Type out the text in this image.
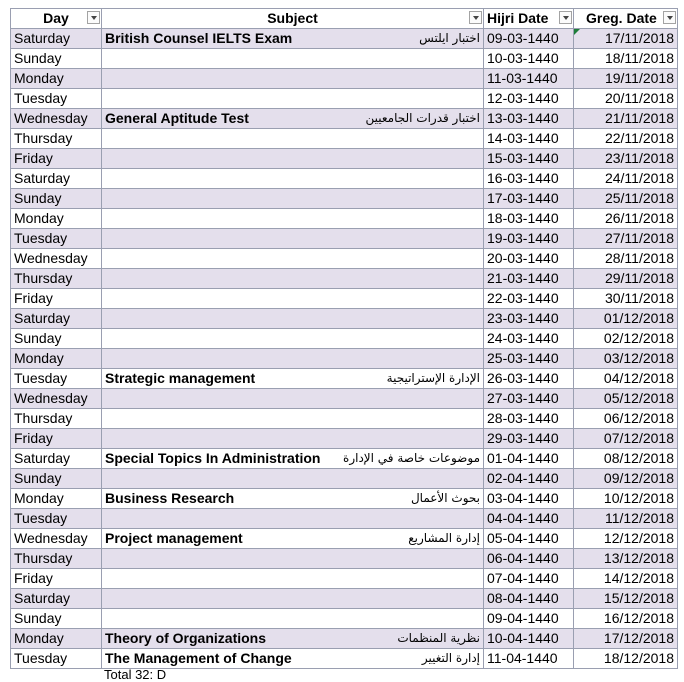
Day	Subject	Hijri Date	Greg. Date

Saturday	British Counsel IELTS Exam اختبار ايلتس	09-03-1440	17/11/2018

Sunday		10-03-1440	18/11/2018
Monday		11-03-1440	19/11/2018
Tuesday		12-03-1440	20/11/2018
Wednesday	General Aptitude Test اختبار قدرات الجامعيين	13-03-1440	21/11/2018
Thursday		14-03-1440	22/11/2018
Friday		15-03-1440	23/11/2018
Saturday		16-03-1440	24/11/2018
Sunday		17-03-1440	25/11/2018
Monday		18-03-1440	26/11/2018
Tuesday		19-03-1440	27/11/2018
Wednesday		20-03-1440	28/11/2018
Thursday		21-03-1440	29/11/2018
Friday		22-03-1440	30/11/2018
Saturday		23-03-1440	01/12/2018
Sunday		24-03-1440	02/12/2018
Monday		25-03-1440	03/12/2018
Tuesday	Strategic management الإدارة الإستراتيجية	26-03-1440	04/12/2018
Wednesday		27-03-1440	05/12/2018
Thursday		28-03-1440	06/12/2018
Friday		29-03-1440	07/12/2018
Saturday	Special Topics In Administration موضوعات خاصة في الإدارة	01-04-1440	08/12/2018
Sunday		02-04-1440	09/12/2018
Monday	Business Research بحوث الأعمال	03-04-1440	10/12/2018
Tuesday		04-04-1440	11/12/2018
Wednesday	Project management إدارة المشاريع	05-04-1440	12/12/2018
Thursday		06-04-1440	13/12/2018
Friday		07-04-1440	14/12/2018
Saturday		08-04-1440	15/12/2018
Sunday		09-04-1440	16/12/2018
Monday	Theory of Organizations نظرية المنظمات	10-04-1440	17/12/2018
Tuesday	The Management of Change إدارة التغيير	11-04-1440	18/12/2018
Total 32: D
